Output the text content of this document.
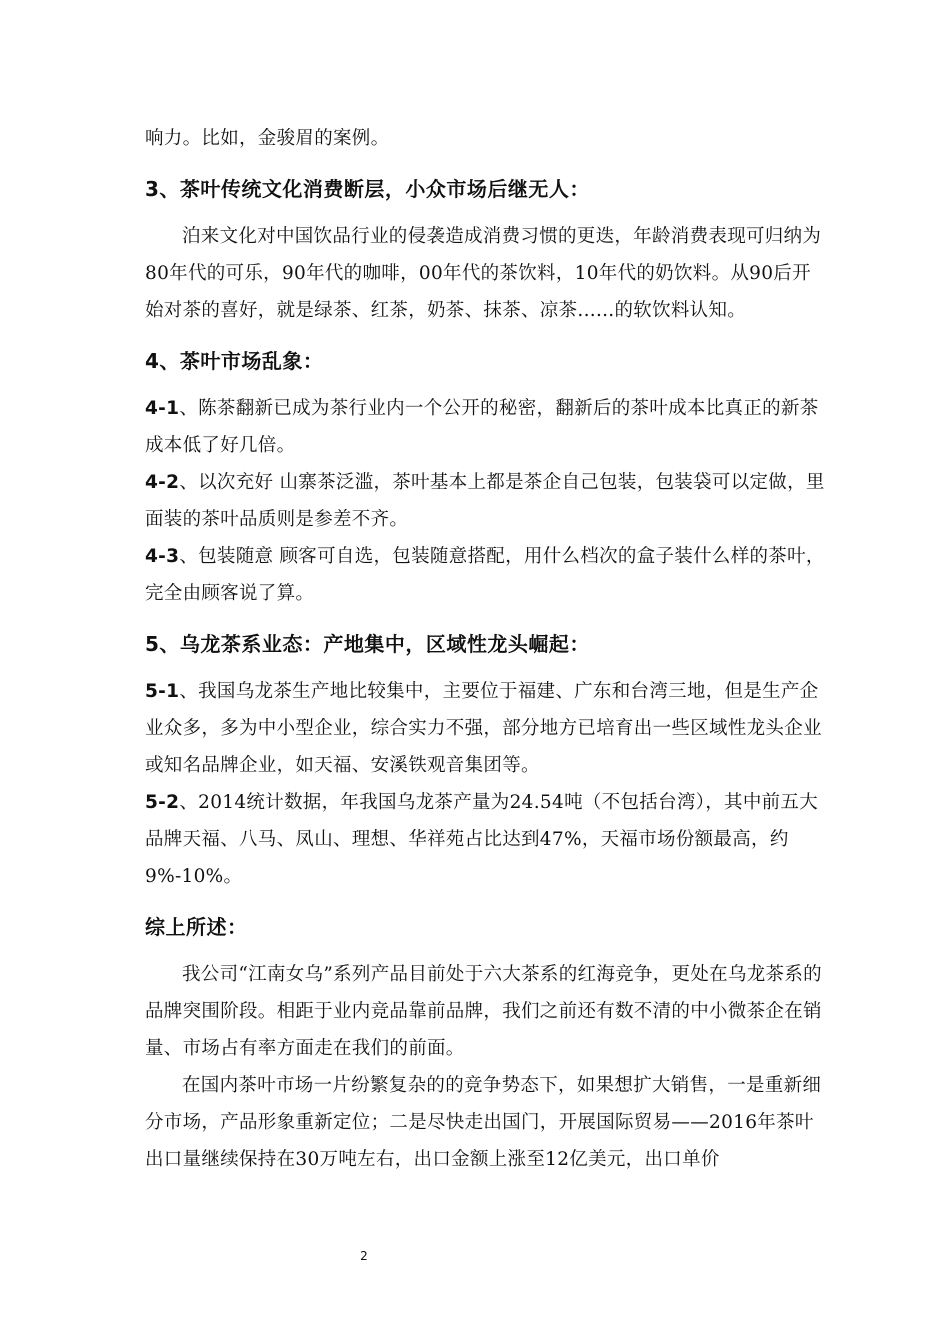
响力。比如，金骏眉的案例。

3、茶叶传统文化消费断层，小众市场后继无人：

泊来文化对中国饮品行业的侵袭造成消费习惯的更迭，年龄消费表现可归纳为80年代的可乐，90年代的咖啡，00年代的茶饮料，10年代的奶饮料。从90后开始对茶的喜好，就是绿茶、红茶，奶茶、抹茶、凉茶......的软饮料认知。

4、茶叶市场乱象：

4-1、陈茶翻新已成为茶行业内一个公开的秘密，翻新后的茶叶成本比真正的新茶成本低了好几倍。

4-2、以次充好 山寨茶泛滥，茶叶基本上都是茶企自己包装，包装袋可以定做，里面装的茶叶品质则是参差不齐。

4-3、包装随意 顾客可自选，包装随意搭配，用什么档次的盒子装什么样的茶叶，完全由顾客说了算。

5、乌龙茶系业态：产地集中，区域性龙头崛起：

5-1、我国乌龙茶生产地比较集中，主要位于福建、广东和台湾三地，但是生产企业众多，多为中小型企业，综合实力不强，部分地方已培育出一些区域性龙头企业或知名品牌企业，如天福、安溪铁观音集团等。

5-2、2014统计数据，年我国乌龙茶产量为24.54吨（不包括台湾），其中前五大品牌天福、八马、凤山、理想、华祥苑占比达到47%，天福市场份额最高，约9%-10%。

综上所述：

我公司“江南女乌”系列产品目前处于六大茶系的红海竞争，更处在乌龙茶系的品牌突围阶段。相距于业内竞品靠前品牌，我们之前还有数不清的中小微茶企在销量、市场占有率方面走在我们的前面。

在国内茶叶市场一片纷繁复杂的的竞争势态下，如果想扩大销售，一是重新细分市场，产品形象重新定位；二是尽快走出国门，开展国际贸易——2016年茶叶出口量继续保持在30万吨左右，出口金额上涨至12亿美元，出口单价

2
